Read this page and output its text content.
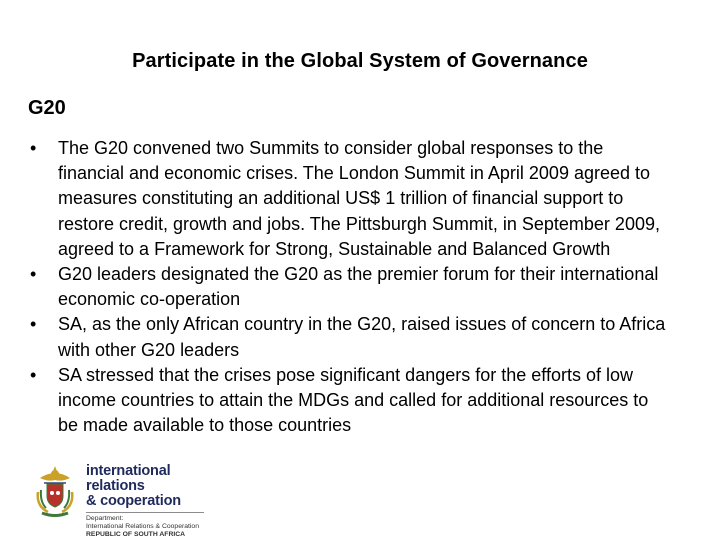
Participate in the Global System of Governance
G20
• The G20 convened two Summits to consider global responses to the financial and economic crises. The London Summit in April 2009 agreed to measures constituting an additional US$ 1 trillion of financial support to restore credit, growth and jobs. The Pittsburgh Summit, in September 2009, agreed to a Framework for Strong, Sustainable and Balanced Growth
• G20 leaders designated the G20 as the premier forum for their international economic co-operation
• SA, as the only African country in the G20, raised issues of concern to Africa with other G20 leaders
• SA stressed that the crises pose significant dangers for the efforts of low income countries to attain the MDGs and called for additional resources to be made available to those countries
international relations
& cooperation
Department:
International Relations & Cooperation
REPUBLIC OF SOUTH AFRICA
